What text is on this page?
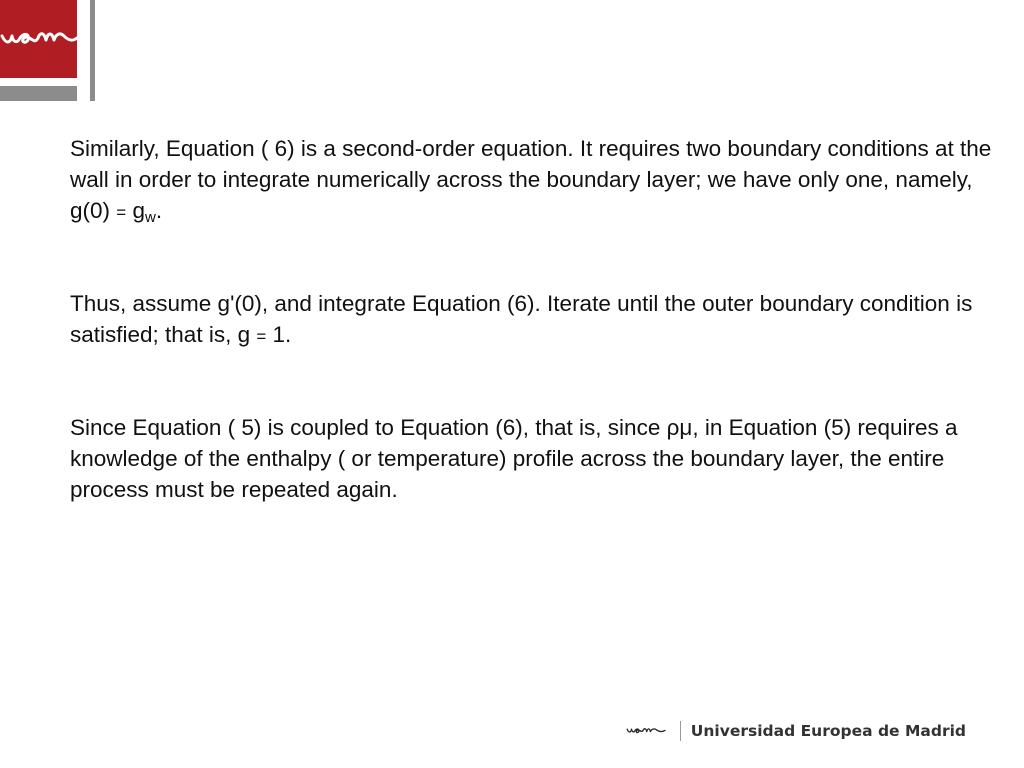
Similarly, Equation ( 6) is a second-order equation. It requires two boundary conditions at the wall in order to integrate numerically across the boundary layer; we have only one, namely, $g(0) = g_w$.

Thus, assume g'(0), and integrate Equation (6). Iterate until the outer boundary condition is satisfied; that is, g = 1.

Since Equation ( 5) is coupled to Equation (6), that is, since ρμ, in Equation (5) requires a knowledge of the enthalpy ( or temperature) profile across the boundary layer, the entire process must be repeated again.

Universidad Europea de Madrid
